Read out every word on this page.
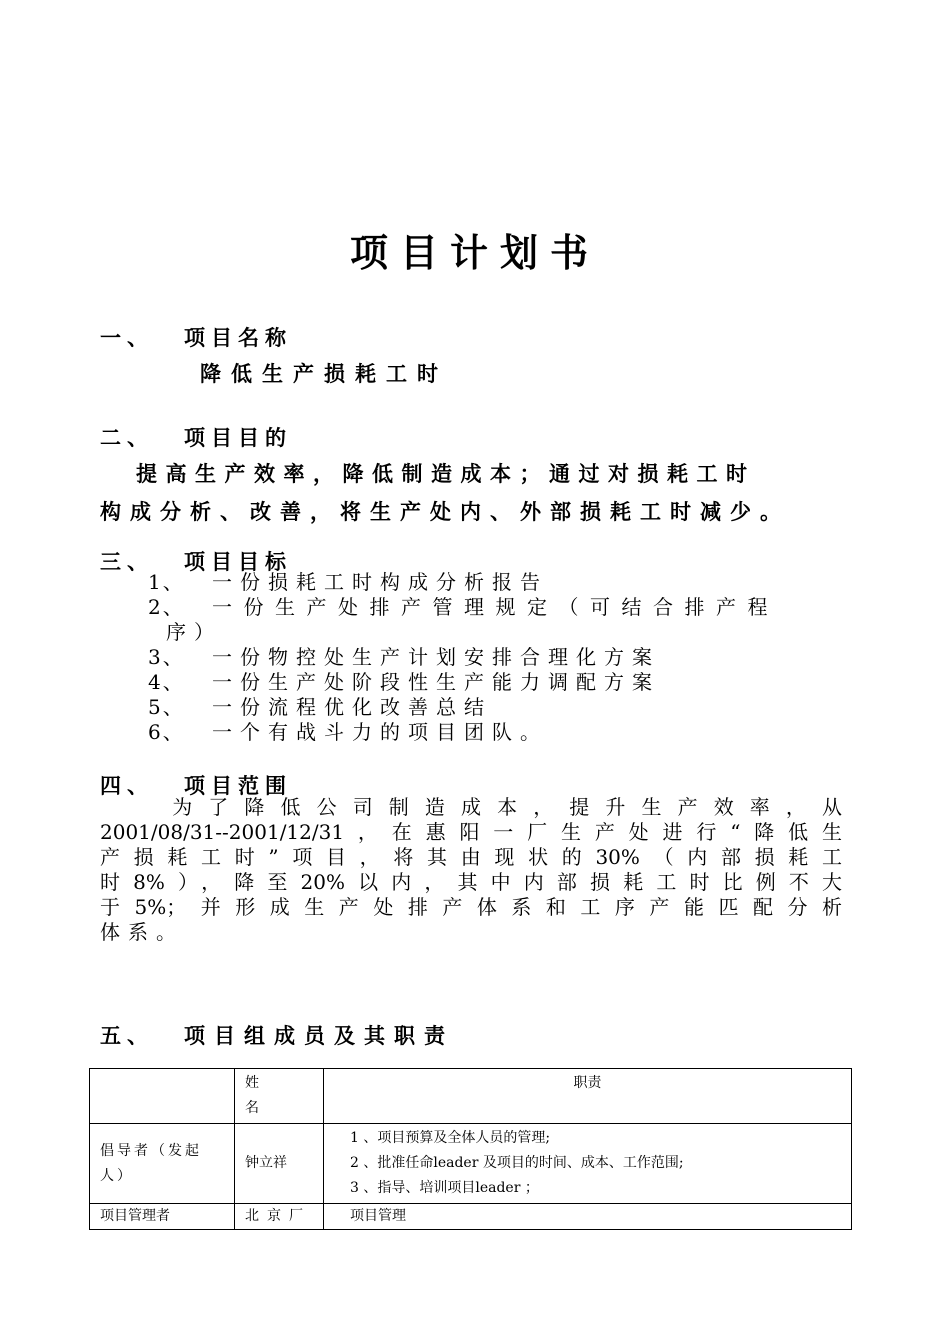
项目计划书
一、 项目名称
降低生产损耗工时
二、 项目目的
提高生产效率，降低制造成本；通过对损耗工时
构成分析、改善，将生产处内、外部损耗工时减少。
三、 项目目标
1、	一份损耗工时构成分析报告
2、	一份生产处排产管理规定（可结合排产程
序）
3、	一份物控处生产计划安排合理化方案
4、	一份生产处阶段性生产能力调配方案
5、	一份流程优化改善总结
6、	一个有战斗力的项目团队。
四、 项目范围
　　为了降低公司制造成本，提升生产效率，从
2001/08/31--2001/12/31，在惠阳一厂生产处进行“降低生
产损耗工时”项目，将其由现状的30%（内部损耗工
时8%），降至20%以内，其中内部损耗工时比例不大
于5%；并形成生产处排产体系和工序产能匹配分析
体系。
五、 项目组成员及其职责

	姓
名	职责
倡导者（发起人）	钟立祥	1 、项目预算及全体人员的管理;
2 、批准任命leader 及项目的时间、成本、工作范围;
3 、指导、培训项目leader ；

项目管理者	北京厂	项目管理
